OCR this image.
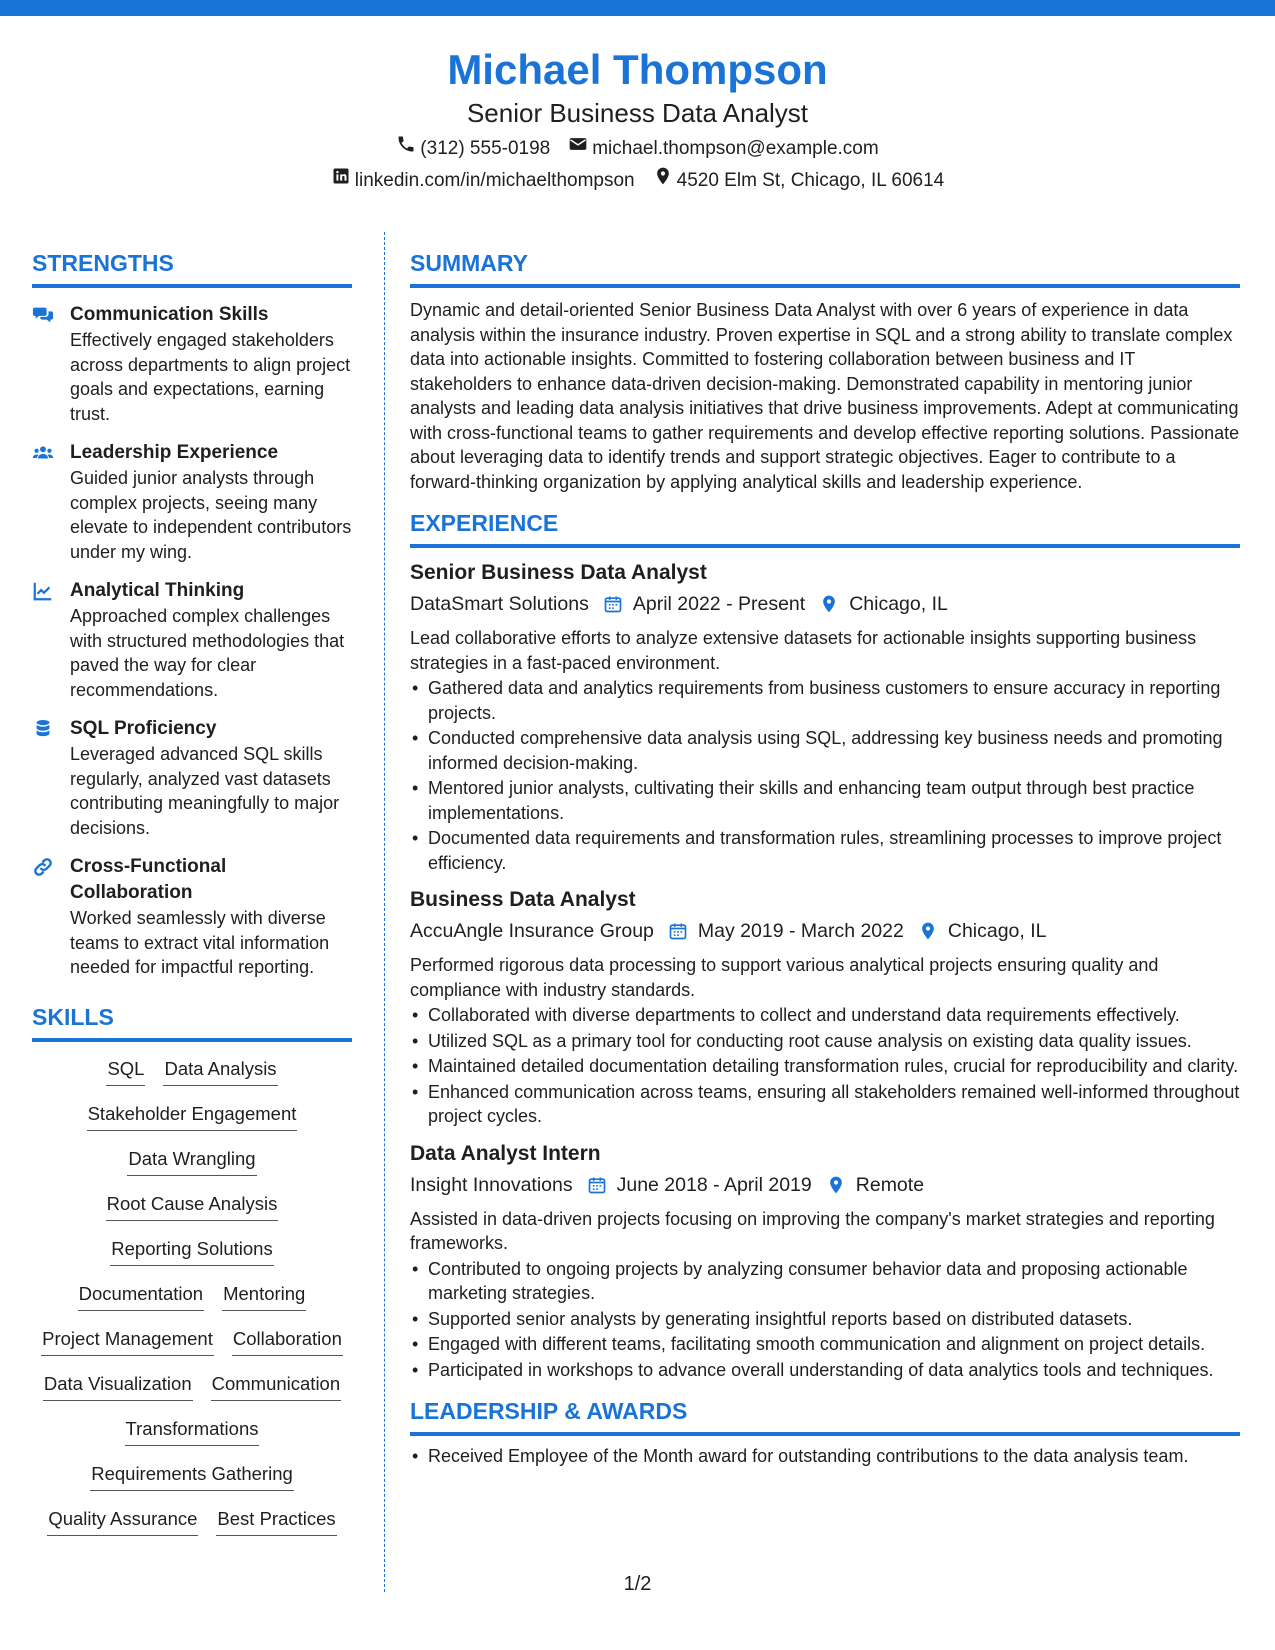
Michael Thompson
Senior Business Data Analyst
(312) 555-0198 michael.thompson@example.com
linkedin.com/in/michaelthompson 4520 Elm St, Chicago, IL 60614
STRENGTHS
Communication Skills
Effectively engaged stakeholders across departments to align project goals and expectations, earning trust.
Leadership Experience
Guided junior analysts through complex projects, seeing many elevate to independent contributors under my wing.
Analytical Thinking
Approached complex challenges with structured methodologies that paved the way for clear recommendations.
SQL Proficiency
Leveraged advanced SQL skills regularly, analyzed vast datasets contributing meaningfully to major decisions.
Cross-Functional Collaboration
Worked seamlessly with diverse teams to extract vital information needed for impactful reporting.
SKILLS
SQL Data Analysis
Stakeholder Engagement
Data Wrangling
Root Cause Analysis
Reporting Solutions
Documentation Mentoring
Project Management Collaboration
Data Visualization Communication
Transformations
Requirements Gathering
Quality Assurance Best Practices
SUMMARY
Dynamic and detail-oriented Senior Business Data Analyst with over 6 years of experience in data analysis within the insurance industry. Proven expertise in SQL and a strong ability to translate complex data into actionable insights. Committed to fostering collaboration between business and IT stakeholders to enhance data-driven decision-making. Demonstrated capability in mentoring junior analysts and leading data analysis initiatives that drive business improvements. Adept at communicating with cross-functional teams to gather requirements and develop effective reporting solutions. Passionate about leveraging data to identify trends and support strategic objectives. Eager to contribute to a forward-thinking organization by applying analytical skills and leadership experience.
EXPERIENCE
Senior Business Data Analyst
DataSmart Solutions April 2022 - Present Chicago, IL
Lead collaborative efforts to analyze extensive datasets for actionable insights supporting business strategies in a fast-paced environment.
• Gathered data and analytics requirements from business customers to ensure accuracy in reporting projects.
• Conducted comprehensive data analysis using SQL, addressing key business needs and promoting informed decision-making.
• Mentored junior analysts, cultivating their skills and enhancing team output through best practice implementations.
• Documented data requirements and transformation rules, streamlining processes to improve project efficiency.
Business Data Analyst
AccuAngle Insurance Group May 2019 - March 2022 Chicago, IL
Performed rigorous data processing to support various analytical projects ensuring quality and compliance with industry standards.
• Collaborated with diverse departments to collect and understand data requirements effectively.
• Utilized SQL as a primary tool for conducting root cause analysis on existing data quality issues.
• Maintained detailed documentation detailing transformation rules, crucial for reproducibility and clarity.
• Enhanced communication across teams, ensuring all stakeholders remained well-informed throughout project cycles.
Data Analyst Intern
Insight Innovations June 2018 - April 2019 Remote
Assisted in data-driven projects focusing on improving the company's market strategies and reporting frameworks.
• Contributed to ongoing projects by analyzing consumer behavior data and proposing actionable marketing strategies.
• Supported senior analysts by generating insightful reports based on distributed datasets.
• Engaged with different teams, facilitating smooth communication and alignment on project details.
• Participated in workshops to advance overall understanding of data analytics tools and techniques.
LEADERSHIP & AWARDS
• Received Employee of the Month award for outstanding contributions to the data analysis team.
1/2
